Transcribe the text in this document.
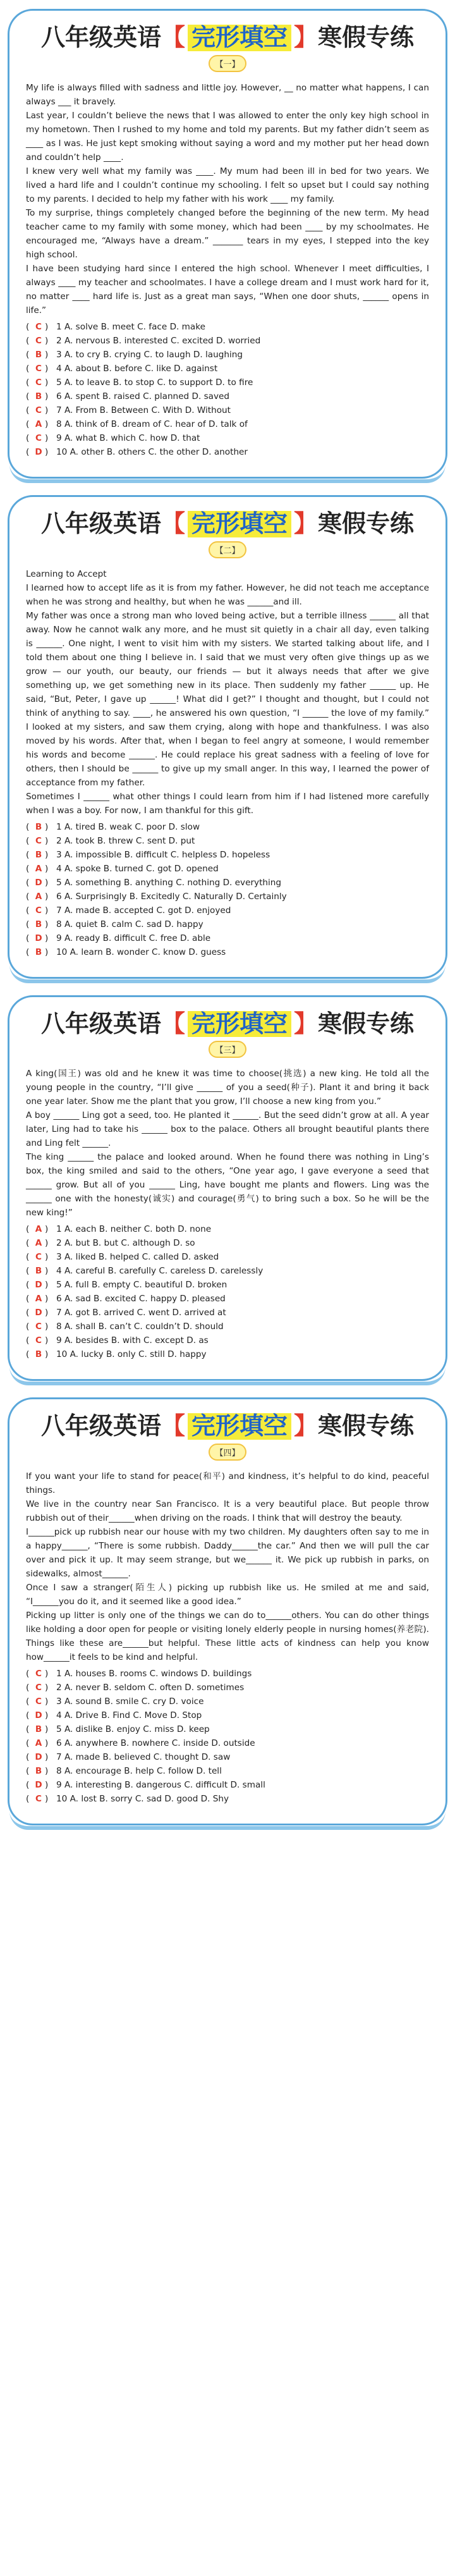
八年级英语 【 完形填空 】 寒假专练
【一】

My life is always filled with sadness and little joy. However, __ no matter what happens, I can always ___ it bravely.

Last year, I couldn’t believe the news that I was allowed to enter the only key high school in my hometown. Then I rushed to my home and told my parents. But my father didn’t seem as ____ as I was. He just kept smoking without saying a word and my mother put her head down and couldn’t help ____.

I knew very well what my family was ____. My mum had been ill in bed for two years. We lived a hard life and I couldn’t continue my schooling. I felt so upset but I could say nothing to my parents. I decided to help my father with his work ____ my family.

To my surprise, things completely changed before the beginning of the new term. My head teacher came to my family with some money, which had been ____ by my schoolmates. He encouraged me, “Always have a dream.” _______ tears in my eyes, I stepped into the key high school.

I have been studying hard since I entered the high school. Whenever I meet difficulties, I always ____ my teacher and schoolmates. I have a college dream and I must work hard for it, no matter ____ hard life is. Just as a great man says, “When one door shuts, ______ opens in life.”

( C ) 1 A. solve B. meet C. face D. make
( C ) 2 A. nervous B. interested C. excited D. worried
( B ) 3 A. to cry B. crying C. to laugh D. laughing
( C ) 4 A. about B. before C. like D. against
( C ) 5 A. to leave B. to stop C. to support D. to fire
( B ) 6 A. spent B. raised C. planned D. saved
( C ) 7 A. From B. Between C. With D. Without
( A ) 8 A. think of B. dream of C. hear of D. talk of
( C ) 9 A. what B. which C. how D. that
( D ) 10 A. other B. others C. the other D. another
八年级英语 【 完形填空 】 寒假专练
【二】

Learning to Accept

I learned how to accept life as it is from my father. However, he did not teach me acceptance when he was strong and healthy, but when he was ______and ill.

My father was once a strong man who loved being active, but a terrible illness ______ all that away. Now he cannot walk any more, and he must sit quietly in a chair all day, even talking is ______. One night, I went to visit him with my sisters. We started talking about life, and I told them about one thing I believe in. I said that we must very often give things up as we grow — our youth, our beauty, our friends — but it always needs that after we give something up, we get something new in its place. Then suddenly my father ______ up. He said, “But, Peter, I gave up ______! What did I get?” I thought and thought, but I could not think of anything to say. ____, he answered his own question, “I ______ the love of my family.” I looked at my sisters, and saw them crying, along with hope and thankfulness. I was also moved by his words. After that, when I began to feel angry at someone, I would remember his words and become ______. He could replace his great sadness with a feeling of love for others, then I should be ______ to give up my small anger. In this way, I learned the power of acceptance from my father.

Sometimes I ______ what other things I could learn from him if I had listened more carefully when I was a boy. For now, I am thankful for this gift.

( B ) 1 A. tired B. weak C. poor D. slow
( C ) 2 A. took B. threw C. sent D. put
( B ) 3 A. impossible B. difficult C. helpless D. hopeless
( A ) 4 A. spoke B. turned C. got D. opened
( D ) 5 A. something B. anything C. nothing D. everything
( A ) 6 A. Surprisingly B. Excitedly C. Naturally D. Certainly
( C ) 7 A. made B. accepted C. got D. enjoyed
( B ) 8 A. quiet B. calm C. sad D. happy
( D ) 9 A. ready B. difficult C. free D. able
( B ) 10 A. learn B. wonder C. know D. guess
八年级英语 【 完形填空 】 寒假专练
【三】

A king(国王) was old and he knew it was time to choose(挑选) a new king. He told all the young people in the country, “I’ll give ______ of you a seed(种子). Plant it and bring it back one year later. Show me the plant that you grow, I’ll choose a new king from you.”

A boy ______ Ling got a seed, too. He planted it ______. But the seed didn’t grow at all. A year later, Ling had to take his ______ box to the palace. Others all brought beautiful plants there and Ling felt ______.

The king ______ the palace and looked around. When he found there was nothing in Ling’s box, the king smiled and said to the others, “One year ago, I gave everyone a seed that ______ grow. But all of you ______ Ling, have bought me plants and flowers. Ling was the ______ one with the honesty(诚实) and courage(勇气) to bring such a box. So he will be the new king!”

( A ) 1 A. each B. neither C. both D. none
( A ) 2 A. but B. but C. although D. so
( C ) 3 A. liked B. helped C. called D. asked
( B ) 4 A. careful B. carefully C. careless D. carelessly
( D ) 5 A. full B. empty C. beautiful D. broken
( A ) 6 A. sad B. excited C. happy D. pleased
( D ) 7 A. got B. arrived C. went D. arrived at
( C ) 8 A. shall B. can’t C. couldn’t D. should
( C ) 9 A. besides B. with C. except D. as
( B ) 10 A. lucky B. only C. still D. happy
八年级英语 【 完形填空 】 寒假专练
【四】

If you want your life to stand for peace(和平) and kindness, it’s helpful to do kind, peaceful things.

We live in the country near San Francisco. It is a very beautiful place. But people throw rubbish out of their______when driving on the roads. I think that will destroy the beauty.

I______pick up rubbish near our house with my two children. My daughters often say to me in a happy______, “There is some rubbish. Daddy______the car.” And then we will pull the car over and pick it up. It may seem strange, but we______ it. We pick up rubbish in parks, on sidewalks, almost______.

Once I saw a stranger(陌生人) picking up rubbish like us. He smiled at me and said, “I______you do it, and it seemed like a good idea.”

Picking up litter is only one of the things we can do to______others. You can do other things like holding a door open for people or visiting lonely elderly people in nursing homes(养老院). Things like these are______but helpful. These little acts of kindness can help you know how______it feels to be kind and helpful.

( C ) 1 A. houses B. rooms C. windows D. buildings
( C ) 2 A. never B. seldom C. often D. sometimes
( C ) 3 A. sound B. smile C. cry D. voice
( D ) 4 A. Drive B. Find C. Move D. Stop
( B ) 5 A. dislike B. enjoy C. miss D. keep
( A ) 6 A. anywhere B. nowhere C. inside D. outside
( D ) 7 A. made B. believed C. thought D. saw
( B ) 8 A. encourage B. help C. follow D. tell
( D ) 9 A. interesting B. dangerous C. difficult D. small
( C ) 10 A. lost B. sorry C. sad D. good D. Shy
